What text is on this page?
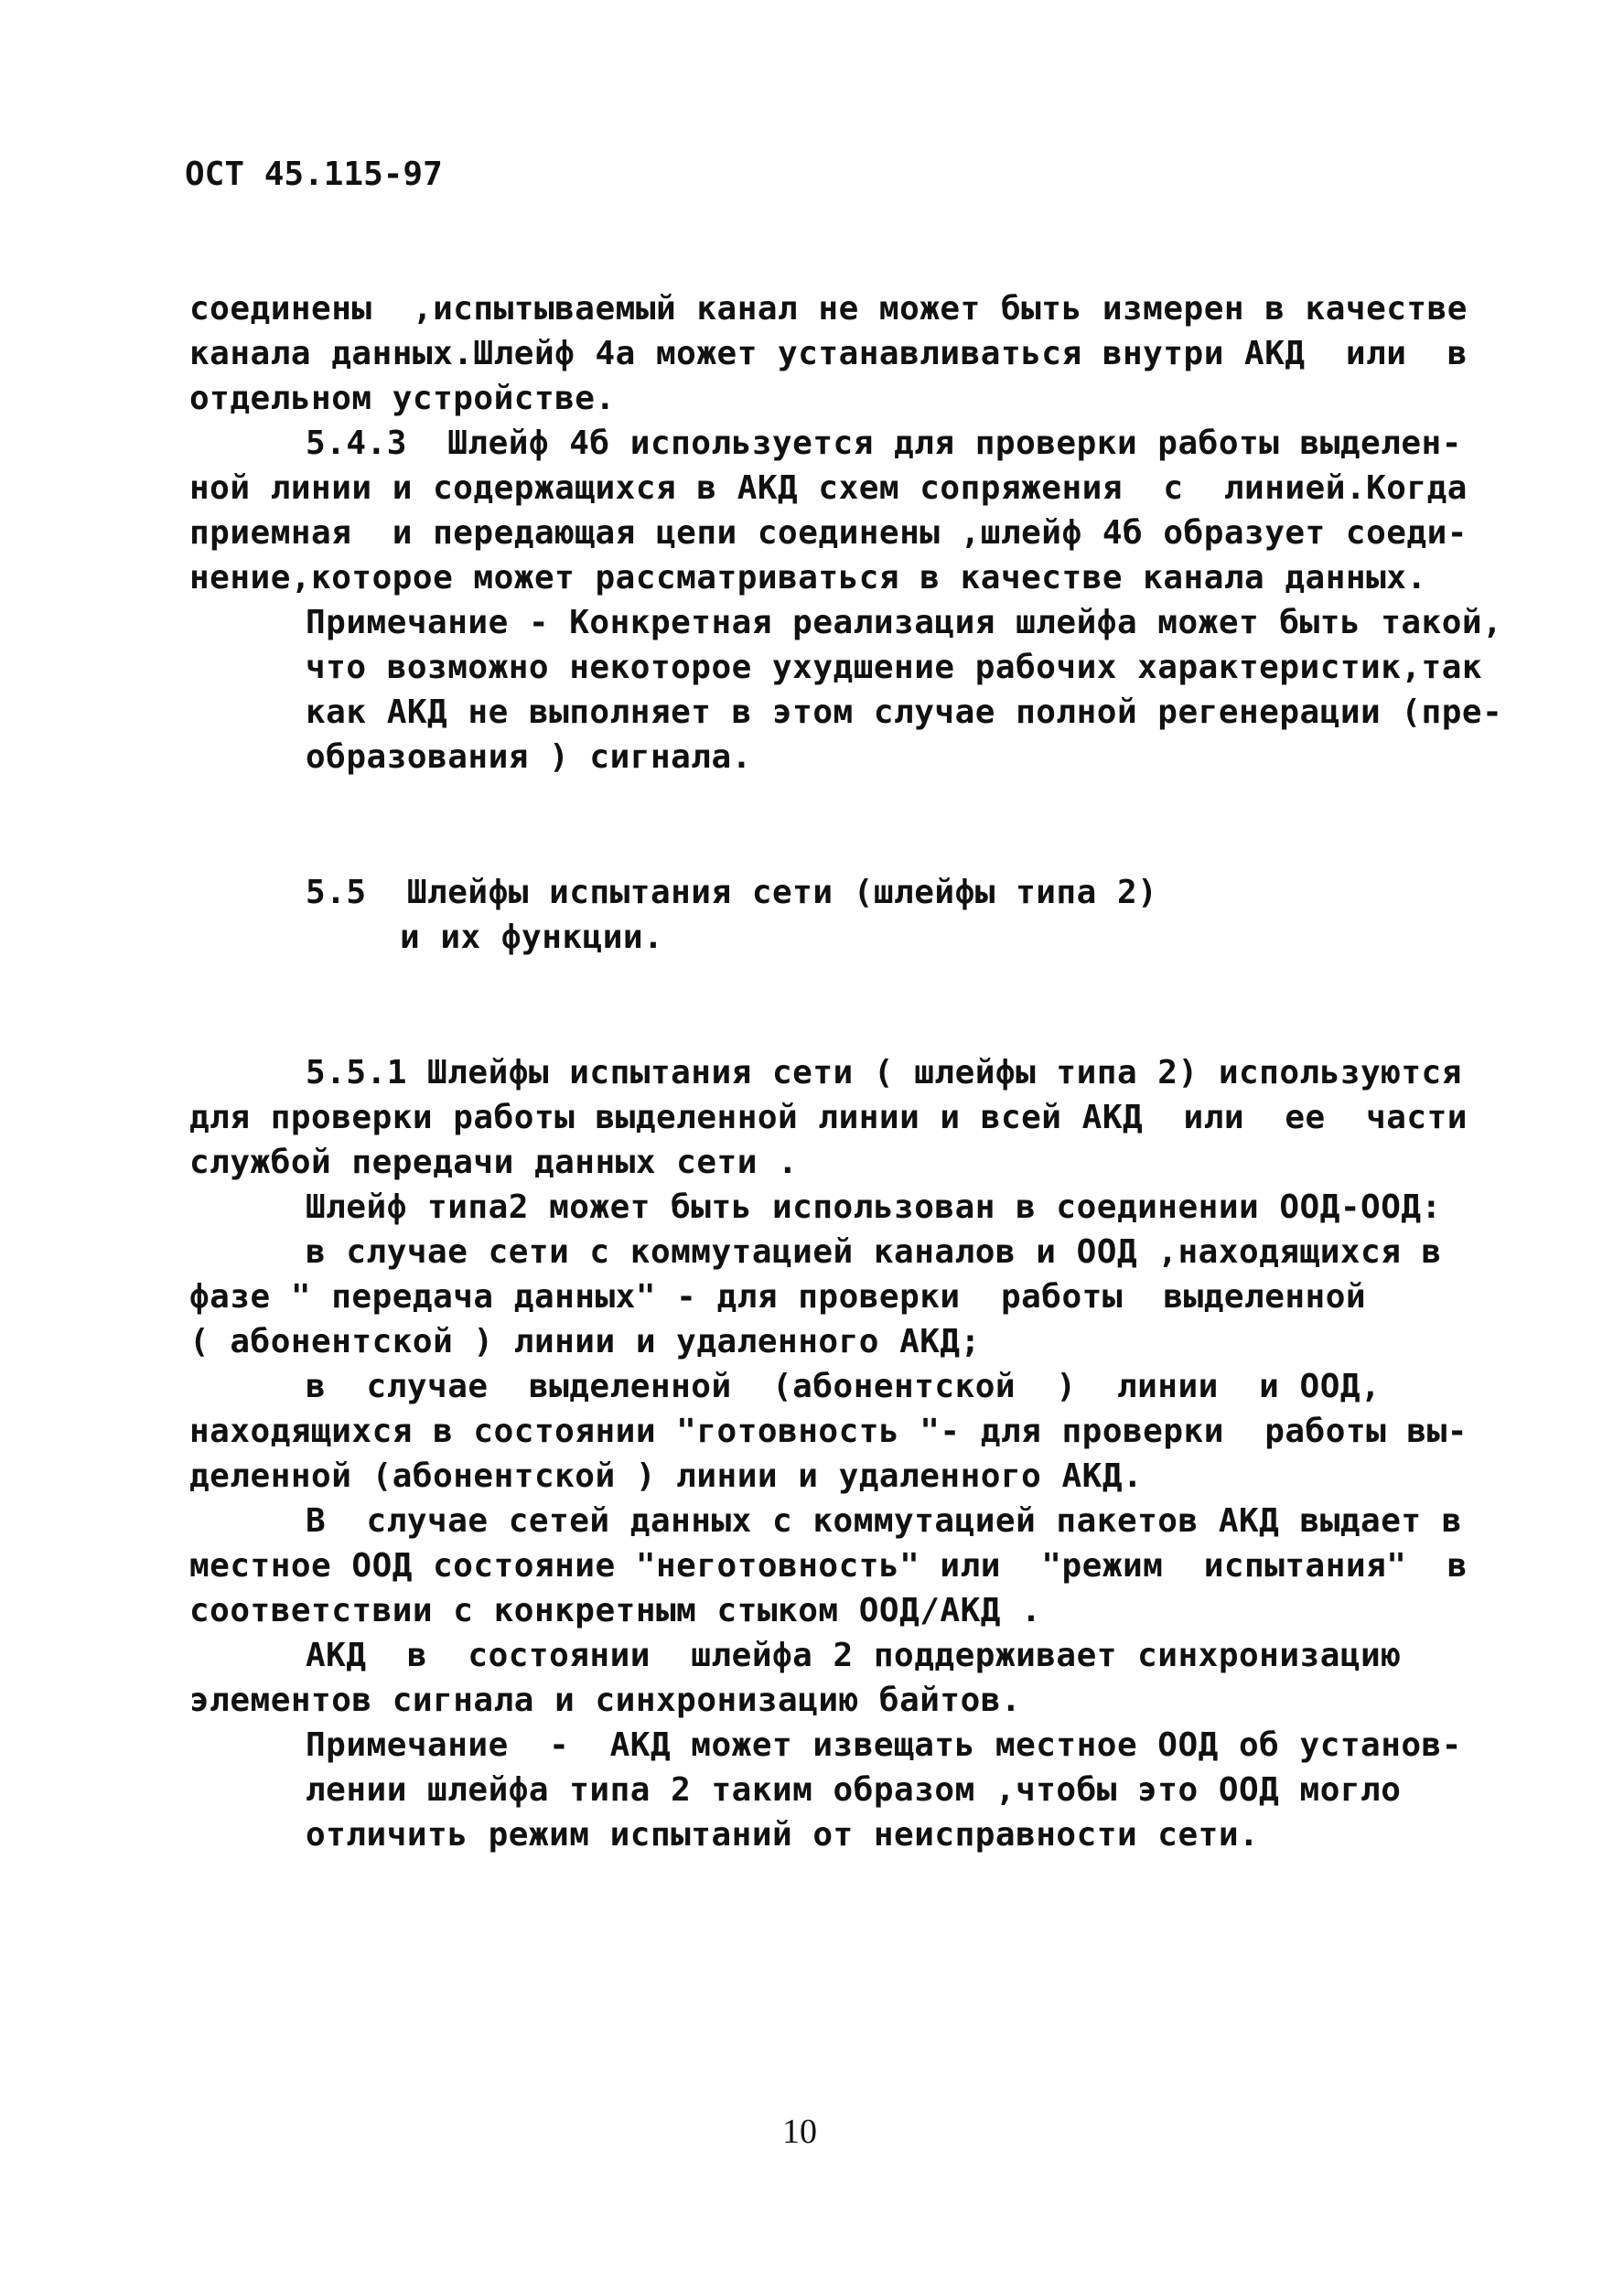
ОСТ 45.115-97
соединены  ,испытываемый канал не может быть измерен в качестве
канала данных.Шлейф 4а может устанавливаться внутри АКД  или  в
отдельном устройстве.
5.4.3  Шлейф 4б используется для проверки работы выделен-
ной линии и содержащихся в АКД схем сопряжения  с  линией.Когда
приемная  и передающая цепи соединены ,шлейф 4б образует соеди-
нение,которое может рассматриваться в качестве канала данных.
Примечание - Конкретная реализация шлейфа может быть такой,
что возможно некоторое ухудшение рабочих характеристик,так
как АКД не выполняет в этом случае полной регенерации (пре-
образования ) сигнала.
5.5  Шлейфы испытания сети (шлейфы типа 2)
и их функции.
5.5.1 Шлейфы испытания сети ( шлейфы типа 2) используются
для проверки работы выделенной линии и всей АКД  или  ее  части
службой передачи данных сети .
Шлейф типа2 может быть использован в соединении ООД-ООД:
в случае сети с коммутацией каналов и ООД ,находящихся в
фазе " передача данных" - для проверки  работы  выделенной
( абонентской ) линии и удаленного АКД;
в  случае  выделенной  (абонентской  )  линии  и ООД,
находящихся в состоянии "готовность "- для проверки  работы вы-
деленной (абонентской ) линии и удаленного АКД.
В  случае сетей данных с коммутацией пакетов АКД выдает в
местное ООД состояние "неготовность" или  "режим  испытания"  в
соответствии с конкретным стыком ООД/АКД .
АКД  в  состоянии  шлейфа 2 поддерживает синхронизацию
элементов сигнала и синхронизацию байтов.
Примечание  -  АКД может извещать местное ООД об установ-
лении шлейфа типа 2 таким образом ,чтобы это ООД могло
отличить режим испытаний от неисправности сети.
10
